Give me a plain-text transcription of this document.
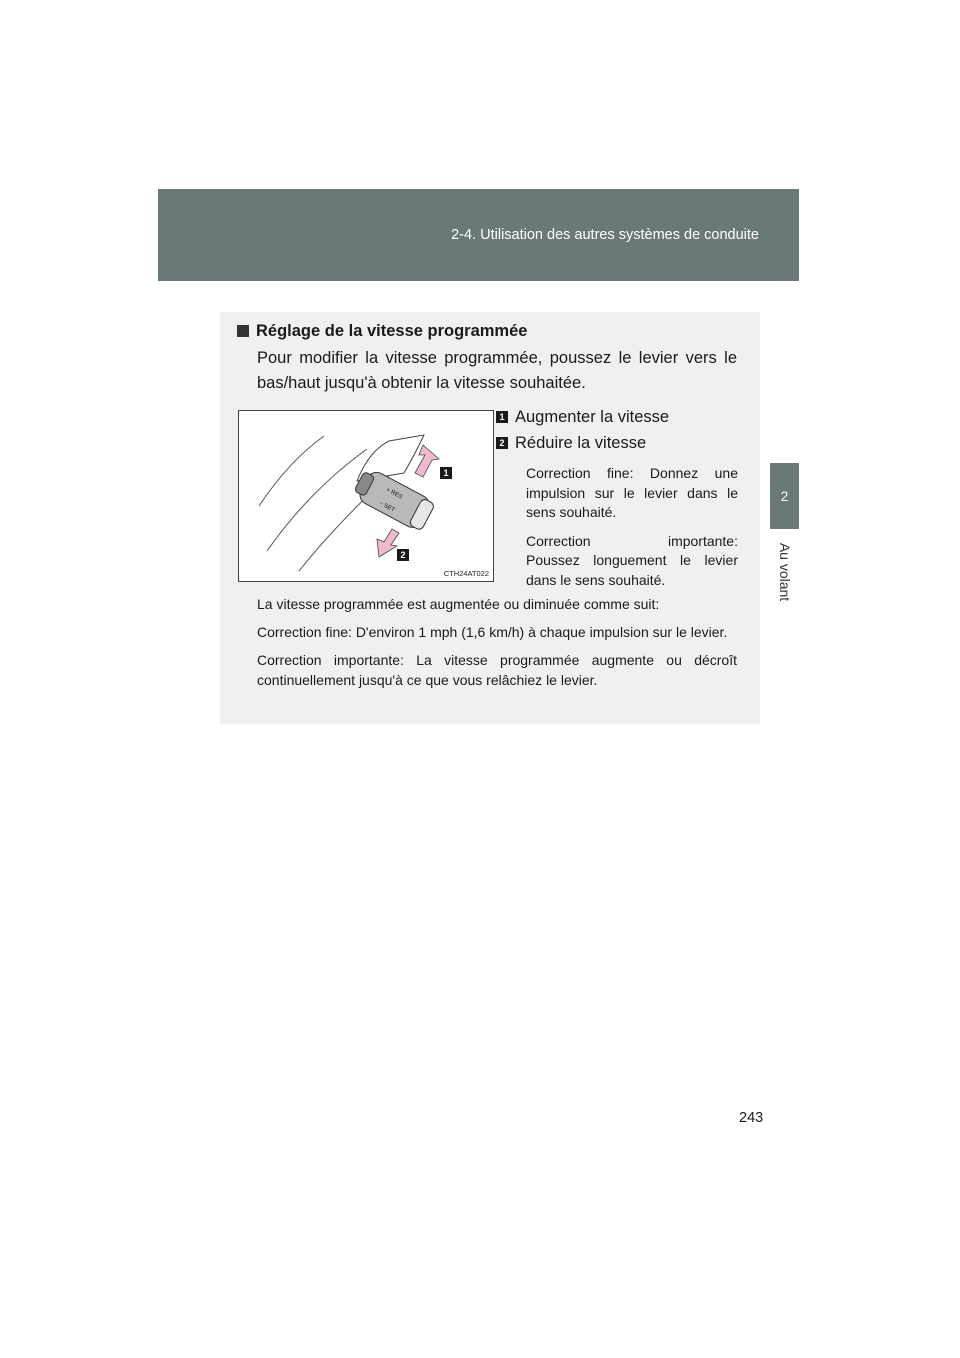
2-4. Utilisation des autres systèmes de conduite
2
Au volant
Réglage de la vitesse programmée
Pour modifier la vitesse programmée, poussez le levier vers le
bas/haut jusqu'à obtenir la vitesse souhaitée.
+ RES
− SET
1
2
CTH24AT022
1 Augmenter la vitesse
2 Réduire la vitesse

Correction fine: Donnez une impulsion sur le levier dans le sens souhaité.

Correction importante:
Poussez longuement le levier dans le sens souhaité.

La vitesse programmée est augmentée ou diminuée comme suit:

Correction fine: D'environ 1 mph (1,6 km/h) à chaque impulsion sur le levier.

Correction importante: La vitesse programmée augmente ou décroît continuellement jusqu'à ce que vous relâchiez le levier.

243
